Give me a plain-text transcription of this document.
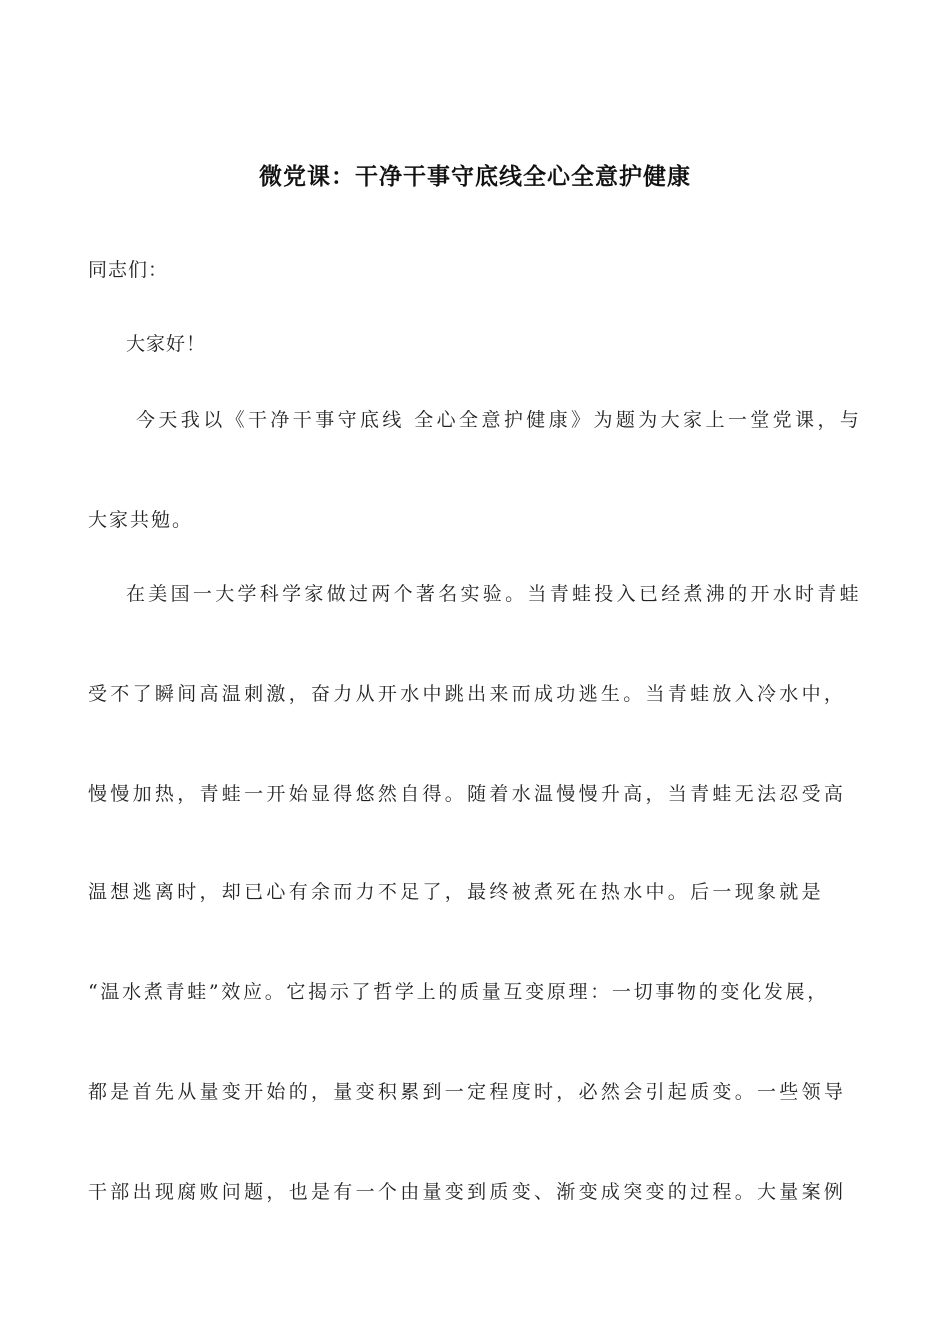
微党课：干净干事守底线全心全意护健康
同志们：
大家好！
今天我以《干净干事守底线 全心全意护健康》为题为大家上一堂党课，与
大家共勉。
在美国一大学科学家做过两个著名实验。当青蛙投入已经煮沸的开水时青蛙
受不了瞬间高温刺激，奋力从开水中跳出来而成功逃生。当青蛙放入冷水中，
慢慢加热，青蛙一开始显得悠然自得。随着水温慢慢升高，当青蛙无法忍受高
温想逃离时，却已心有余而力不足了，最终被煮死在热水中。后一现象就是
“温水煮青蛙”效应。它揭示了哲学上的质量互变原理：一切事物的变化发展，
都是首先从量变开始的，量变积累到一定程度时，必然会引起质变。一些领导
干部出现腐败问题，也是有一个由量变到质变、渐变成突变的过程。大量案例
